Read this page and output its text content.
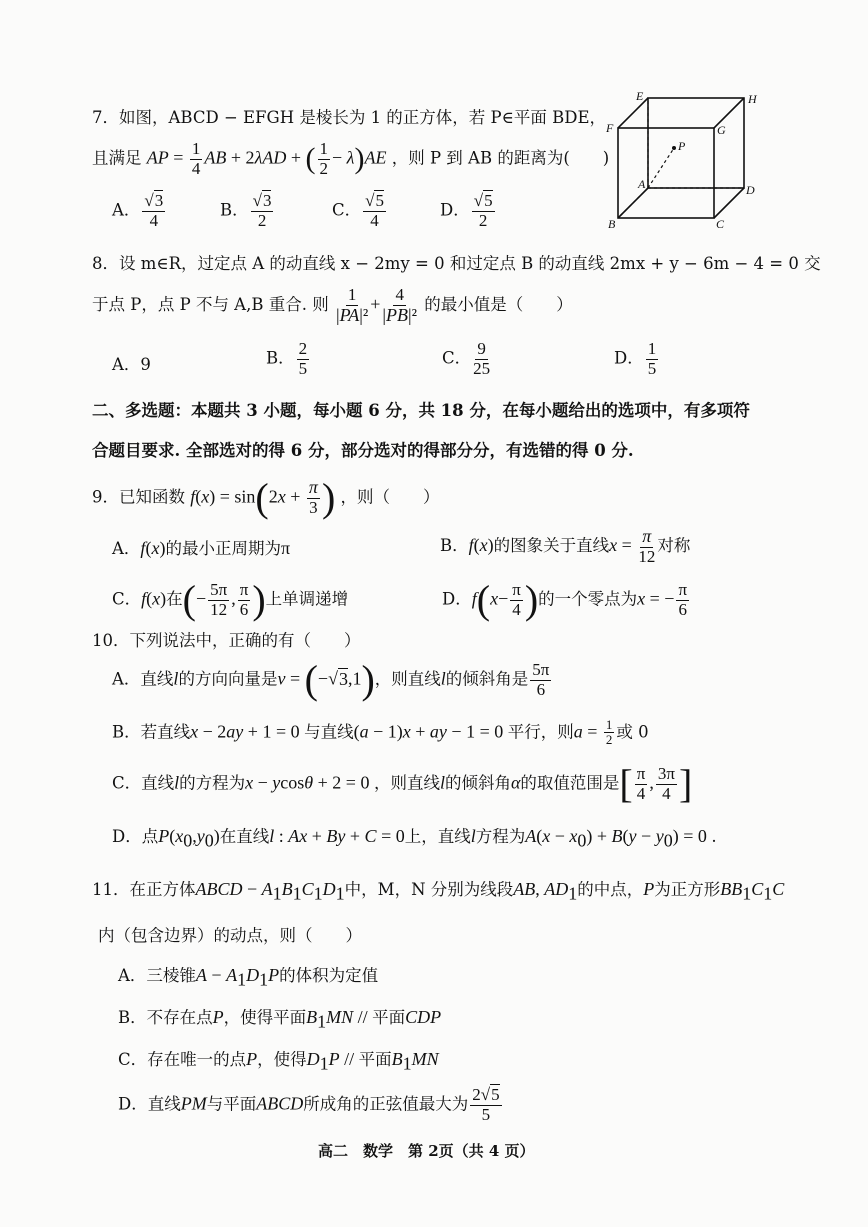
7．如图，ABCD − EFGH 是棱长为 1 的正方体，若 P∈平面 BDE，
且满足 AP = $\frac{1}{4}$ AB + 2λAD + ( $\frac{1}{2} - \lambda)AE$ ，则 P 到 AB 的距离为(　　)
A． $\frac{√3}{4}$	B． $\frac{√3}{2}$	C． $\frac{√5}{4}$	D． $\frac{√5}{2}$
E	H
F	G
P
A	D
B	C
8．设 m∈R，过定点 A 的动直线 x − 2my = 0 和过定点 B 的动直线 2mx + y − 6m − 4 = 0 交
于点 P，点 P 不与 A,B 重合. 则 $\frac{1}{\text{|PA|²}} + \frac{4}{\text{|PB|²}}$ 的最小值是（　　）
A．9	B． $\frac{2}{5}$	C． $\frac{9}{25}$	D． $\frac{1}{5}$
二、多选题：本题共 3 小题，每小题 6 分，共 18 分，在每小题给出的选项中，有多项符
合题目要求. 全部选对的得 6 分，部分选对的得部分分，有选错的得 0 分.
9．已知函数 $f(x) = \sin(2x + \frac{\pi}{3}$ ) ，则（　　）
A．f(x)的最小正周期为π	B．f(x)的图象关于直线$x = \frac{\pi}{12}$ 对称
C．f(x)在(− $\frac{5\pi}{12}$ , $\frac{\pi}{6}$ )上单调递增	D．$f(x- \frac{\pi}{4}$ )的一个零点为x = − $\frac{\pi}{6}$
10．下列说法中，正确的有（　　）
A．直线l的方向向量是v = (−√3,1)，则直线l的倾斜角是 $\frac{5\pi}{6}$
B．若直线x − 2ay + 1 = 0 与直线(a − 1)x + ay − 1 = 0 平行，则$a = \frac{1}{2}$ 或 0
C．直线l的方程为x − ycosθ + 2 = 0 ，则直线l的倾斜角α的取值范围是[ $\frac{\pi}{4}$ , $\frac{3\pi}{4}$ ]
D．点$P(x_0,y_0)$在直线l : Ax + By + C = 0上，直线l方程为$A(x - x_0) + B(y - y_0) = 0$ .
11．在正方体ABCD − $A_1B_1C_1D_1$中，M，N 分别为线段AB, $AD_1$的中点，P为正方形$BB_1C_1C$
内（包含边界）的动点，则（　　）
A．三棱锥$A - A_1D_1P$的体积为定值
B．不存在点P，使得平面$B_1MN$ // 平面CDP
C．存在唯一的点P，使得$D_1P$ // 平面$B_1MN$
D．直线PM与平面ABCD所成角的正弦值最大为 $\frac{2√5}{5}$
高二　数学　第 2页（共 4 页）
